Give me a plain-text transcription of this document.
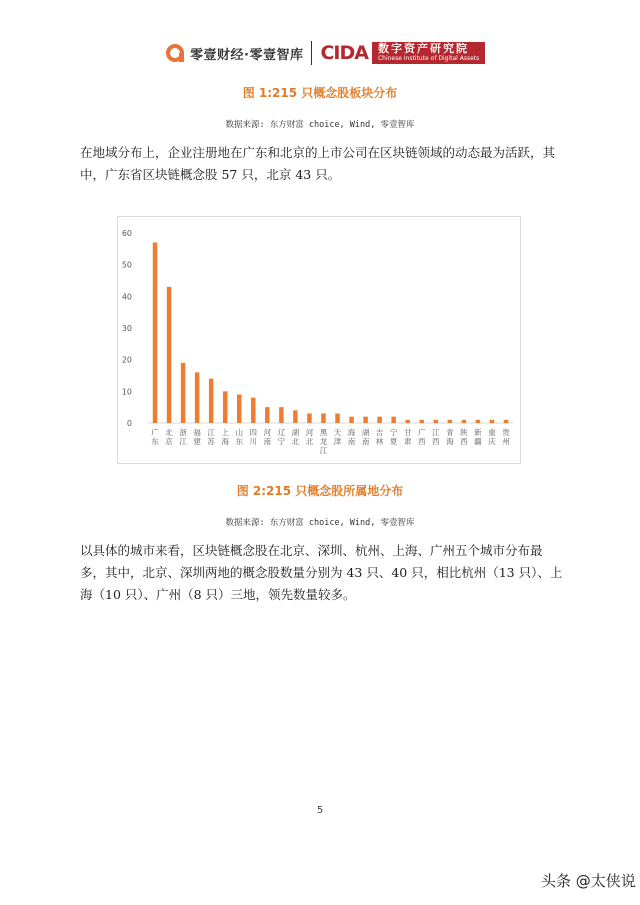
零壹财经·零壹智库 CIDA 数字资产研究院
Chinese Institute of Digital Assets
图 1:215 只概念股板块分布
数据来源: 东方财富 choice, Wind, 零壹智库

在地域分布上，企业注册地在广东和北京的上市公司在区块链领域的动态最为活跃，其中，广东省区块链概念股 57 只，北京 43 只。

0
10
20
30
40
50
60
广东
北京
浙江
福建
江苏
上海
山东
四川
河南
辽宁
湖北
河北
黑龙江
天津
海南
湖南
吉林
宁夏
甘肃
广西
江西
青海
陕西
新疆
重庆
贵州
图 2:215 只概念股所属地分布
数据来源: 东方财富 choice, Wind, 零壹智库

以具体的城市来看，区块链概念股在北京、深圳、杭州、上海、广州五个城市分布最多，其中，北京、深圳两地的概念股数量分别为 43 只、40 只，相比杭州（13 只）、上海（10 只）、广州（8 只）三地，领先数量较多。

5
头条 @太侠说
